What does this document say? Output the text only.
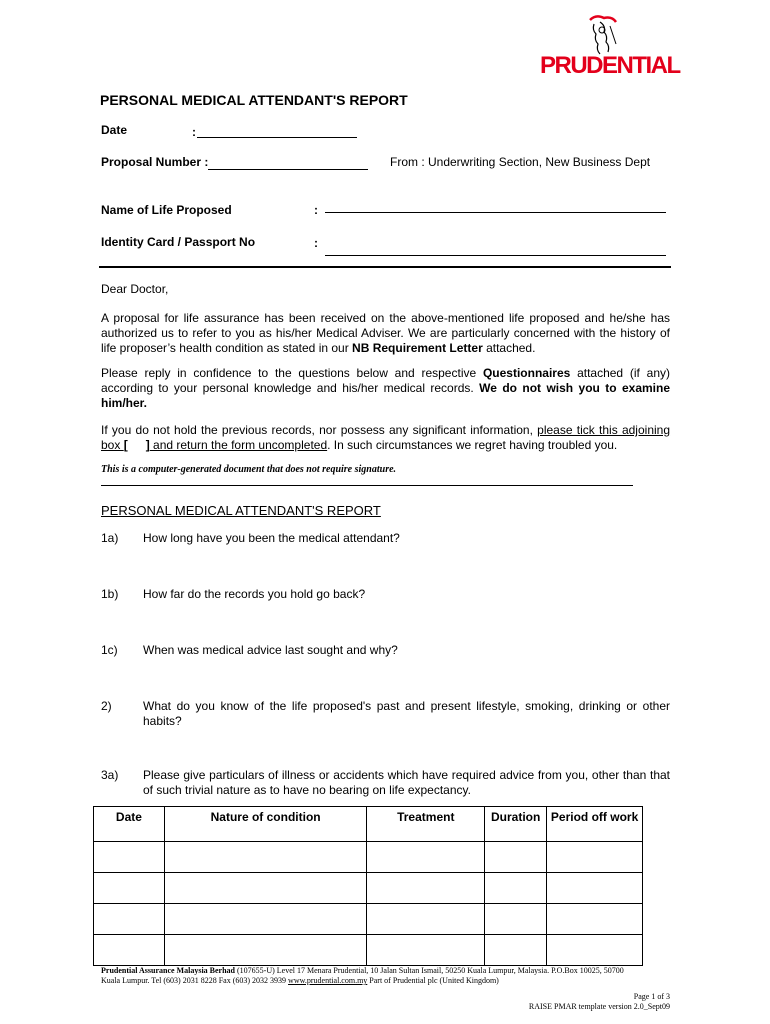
PRUDENTIAL
PERSONAL MEDICAL ATTENDANT'S REPORT
Date	:
Proposal Number :	From : Underwriting Section, New Business Dept
Name of Life Proposed	:
Identity Card / Passport No	:
Dear Doctor,
A proposal for life assurance has been received on the above-mentioned life proposed and he/she has authorized us to refer to you as his/her Medical Adviser. We are particularly concerned with the history of life proposer’s health condition as stated in our NB Requirement Letter attached.
Please reply in confidence to the questions below and respective Questionnaires attached (if any) according to your personal knowledge and his/her medical records. We do not wish you to examine him/her.
If you do not hold the previous records, nor possess any significant information, please tick this adjoining box [ ] and return the form uncompleted. In such circumstances we regret having troubled you.
This is a computer-generated document that does not require signature.
PERSONAL MEDICAL ATTENDANT'S REPORT
1a) How long have you been the medical attendant?
1b) How far do the records you hold go back?
1c) When was medical advice last sought and why?
2)	What do you know of the life proposed's past and present lifestyle, smoking, drinking or other habits?
3a) Please give particulars of illness or accidents which have required advice from you, other than that of such trivial nature as to have no bearing on life expectancy.
Date	Nature of condition	Treatment	Duration	Period off work

Prudential Assurance Malaysia Berhad (107655-U) Level 17 Menara Prudential, 10 Jalan Sultan Ismail, 50250 Kuala Lumpur, Malaysia. P.O.Box 10025, 50700
Kuala Lumpur. Tel (603) 2031 8228 Fax (603) 2032 3939 www.prudential.com.my Part of Prudential plc (United Kingdom)
Page 1 of 3
RAISE PMAR template version 2.0_Sept09
